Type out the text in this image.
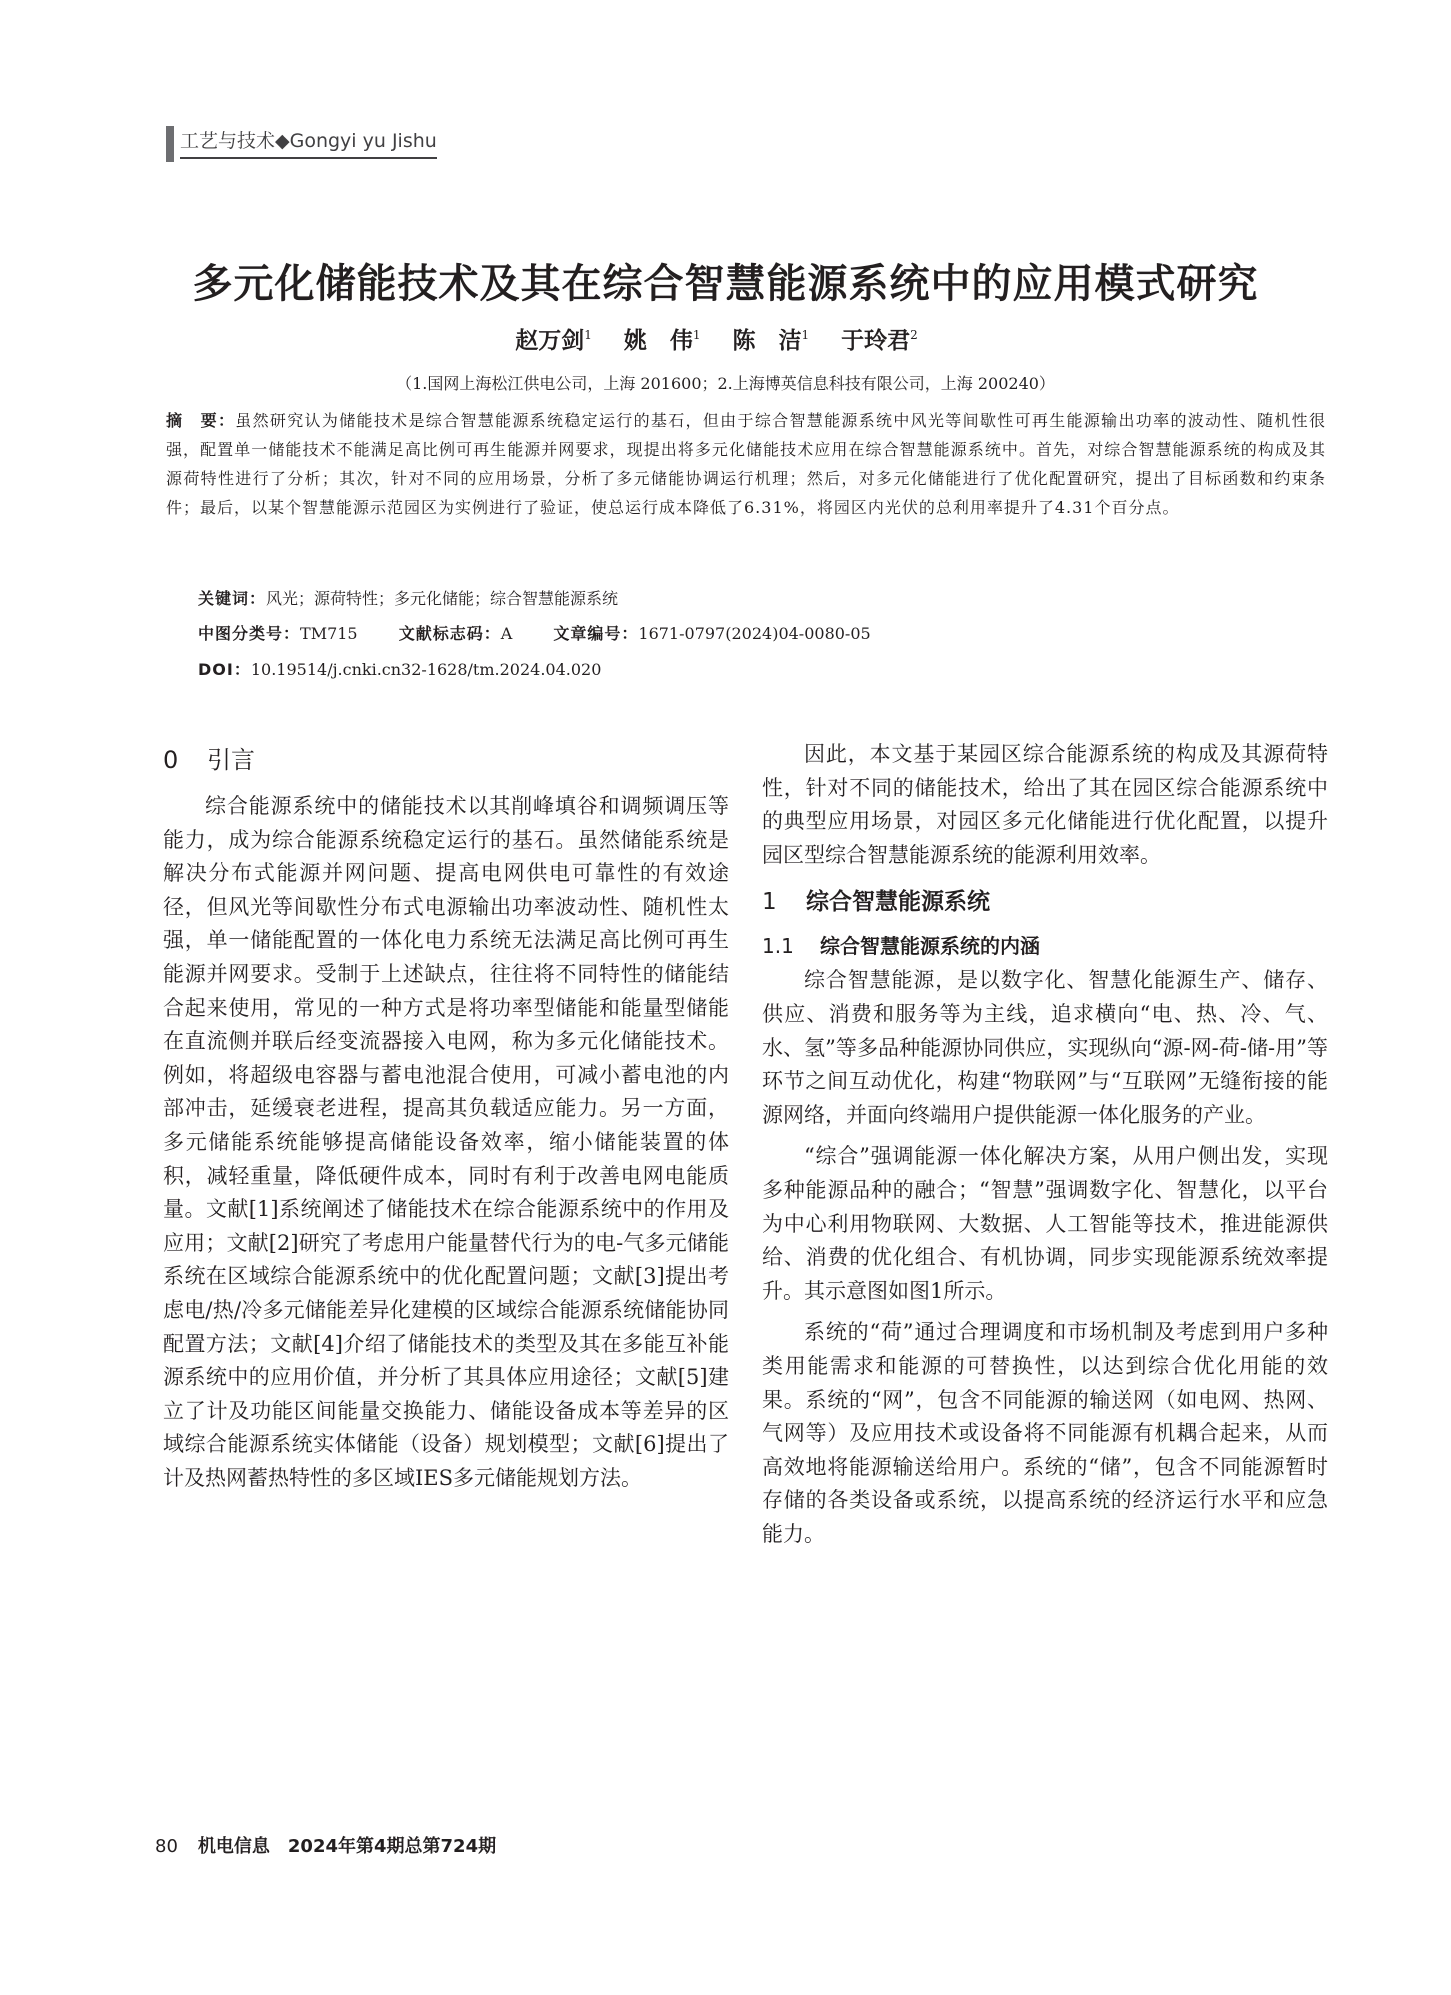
工艺与技术◆Gongyi yu Jishu
多元化储能技术及其在综合智慧能源系统中的应用模式研究
赵万剑$^1$ 姚　伟$^1$ 陈　洁$^1$ 于玲君$^2$
（1.国网上海松江供电公司，上海 201600；2.上海博英信息科技有限公司，上海 200240）
摘　要：虽然研究认为储能技术是综合智慧能源系统稳定运行的基石，但由于综合智慧能源系统中风光等间歇性可再生能源输出功率的波动性、随机性很强，配置单一储能技术不能满足高比例可再生能源并网要求，现提出将多元化储能技术应用在综合智慧能源系统中。首先，对综合智慧能源系统的构成及其源荷特性进行了分析；其次，针对不同的应用场景，分析了多元储能协调运行机理；然后，对多元化储能进行了优化配置研究，提出了目标函数和约束条件；最后，以某个智慧能源示范园区为实例进行了验证，使总运行成本降低了6.31%，将园区内光伏的总利用率提升了4.31个百分点。
关键词：风光；源荷特性；多元化储能；综合智慧能源系统
中图分类号：TM715	文献标志码：A	文章编号：1671-0797(2024)04-0080-05
DOI：10.19514/j.cnki.cn32-1628/tm.2024.04.020
0 引言

综合能源系统中的储能技术以其削峰填谷和调频调压等能力，成为综合能源系统稳定运行的基石。虽然储能系统是解决分布式能源并网问题、提高电网供电可靠性的有效途径，但风光等间歇性分布式电源输出功率波动性、随机性太强，单一储能配置的一体化电力系统无法满足高比例可再生能源并网要求。受制于上述缺点，往往将不同特性的储能结合起来使用，常见的一种方式是将功率型储能和能量型储能在直流侧并联后经变流器接入电网，称为多元化储能技术。例如，将超级电容器与蓄电池混合使用，可减小蓄电池的内部冲击，延缓衰老进程，提高其负载适应能力。另一方面，多元储能系统能够提高储能设备效率，缩小储能装置的体积，减轻重量，降低硬件成本，同时有利于改善电网电能质量。文献[1]系统阐述了储能技术在综合能源系统中的作用及应用；文献[2]研究了考虑用户能量替代行为的电-气多元储能系统在区域综合能源系统中的优化配置问题；文献[3]提出考虑电/热/冷多元储能差异化建模的区域综合能源系统储能协同配置方法；文献[4]介绍了储能技术的类型及其在多能互补能源系统中的应用价值，并分析了其具体应用途径；文献[5]建立了计及功能区间能量交换能力、储能设备成本等差异的区域综合能源系统实体储能（设备）规划模型；文献[6]提出了计及热网蓄热特性的多区域IES多元储能规划方法。

因此，本文基于某园区综合能源系统的构成及其源荷特性，针对不同的储能技术，给出了其在园区综合能源系统中的典型应用场景，对园区多元化储能进行优化配置，以提升园区型综合智慧能源系统的能源利用效率。

1 综合智慧能源系统
1.1 综合智慧能源系统的内涵

综合智慧能源，是以数字化、智慧化能源生产、储存、供应、消费和服务等为主线，追求横向“电、热、冷、气、水、氢”等多品种能源协同供应，实现纵向“源-网-荷-储-用”等环节之间互动优化，构建“物联网”与“互联网”无缝衔接的能源网络，并面向终端用户提供能源一体化服务的产业。

“综合”强调能源一体化解决方案，从用户侧出发，实现多种能源品种的融合；“智慧”强调数字化、智慧化，以平台为中心利用物联网、大数据、人工智能等技术，推进能源供给、消费的优化组合、有机协调，同步实现能源系统效率提升。其示意图如图1所示。

系统的“荷”通过合理调度和市场机制及考虑到用户多种类用能需求和能源的可替换性，以达到综合优化用能的效果。系统的“网”，包含不同能源的输送网（如电网、热网、气网等）及应用技术或设备将不同能源有机耦合起来，从而高效地将能源输送给用户。系统的“储”，包含不同能源暂时存储的各类设备或系统，以提高系统的经济运行水平和应急能力。

80 机电信息　2024年第4期总第724期
